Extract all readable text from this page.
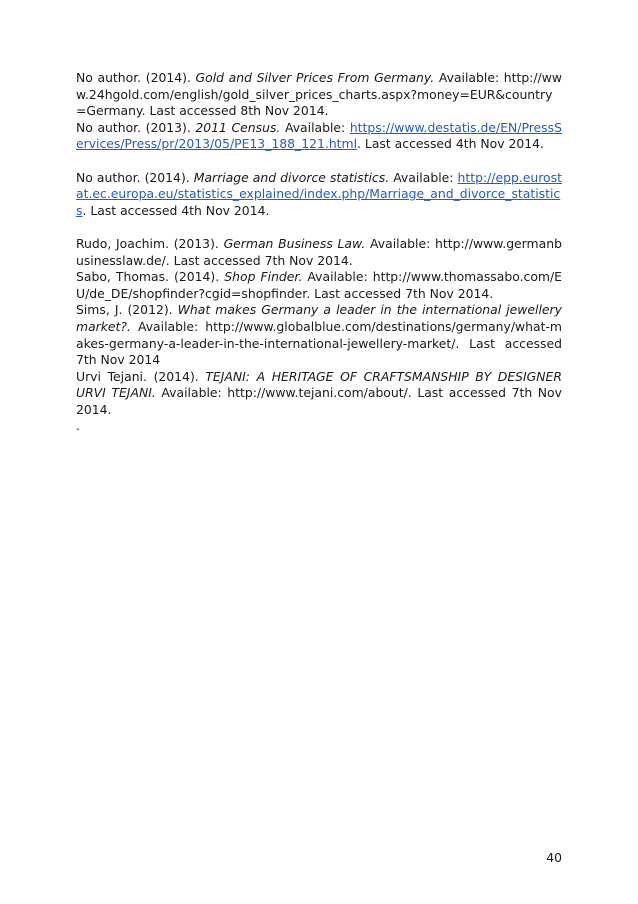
No author. (2014). Gold and Silver Prices From Germany. Available: http://www.24hgold.com/english/gold_silver_prices_charts.aspx?money=EUR&country=Germany. Last accessed 8th Nov 2014.

No author. (2013). 2011 Census. Available: https://www.destatis.de/EN/PressServices/Press/pr/2013/05/PE13_188_121.html. Last accessed 4th Nov 2014.

No author. (2014). Marriage and divorce statistics. Available: http://epp.eurostat.ec.europa.eu/statistics_explained/index.php/Marriage_and_divorce_statistics. Last accessed 4th Nov 2014.

Rudo, Joachim. (2013). German Business Law. Available: http://www.germanbusinesslaw.de/. Last accessed 7th Nov 2014.

Sabo, Thomas. (2014). Shop Finder. Available: http://www.thomassabo.com/EU/de_DE/shopfinder?cgid=shopfinder. Last accessed 7th Nov 2014.

Sims, J. (2012). What makes Germany a leader in the international jewellery market?. Available: http://www.globalblue.com/destinations/germany/what-makes-germany-a-leader-in-the-international-jewellery-market/. Last accessed 7th Nov 2014

Urvi Tejani. (2014). TEJANI: A HERITAGE OF CRAFTSMANSHIP BY DESIGNER URVI TEJANI. Available: http://www.tejani.com/about/. Last accessed 7th Nov 2014.

.

40
